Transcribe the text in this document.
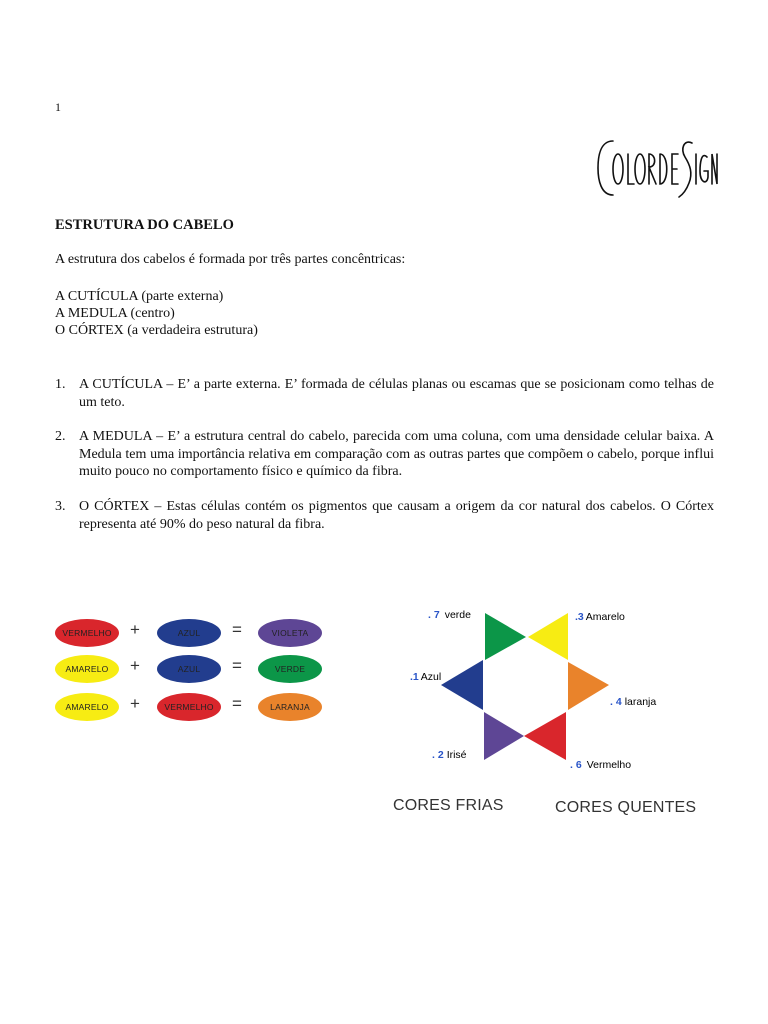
1
ESTRUTURA DO CABELO
A estrutura dos cabelos é formada por três partes concêntricas:
A CUTÍCULA (parte externa)
A MEDULA (centro)
O CÓRTEX (a verdadeira estrutura)
1. A CUTÍCULA – E’ a parte externa. E’ formada de células planas ou escamas que se posicionam como telhas de um teto.
2. A MEDULA – E’ a estrutura central do cabelo, parecida com uma coluna, com uma densidade celular baixa. A Medula tem uma importância relativa em comparação com as outras partes que compõem o cabelo, porque influi muito pouco no comportamento físico e químico da fibra.
3. O CÓRTEX – Estas células contém os pigmentos que causam a origem da cor natural dos cabelos. O Córtex representa até 90% do peso natural da fibra.
VERMELHO	+	AZUL	=	VIOLETA
AMARELO	+	AZUL	=	VERDE
AMARELO	+	VERMELHO	=	LARANJA
. 7 verde	.3 Amarelo
.1 Azul
. 4 laranja
. 2 Irisé
. 6 Vermelho
CORES FRIAS	CORES QUENTES
